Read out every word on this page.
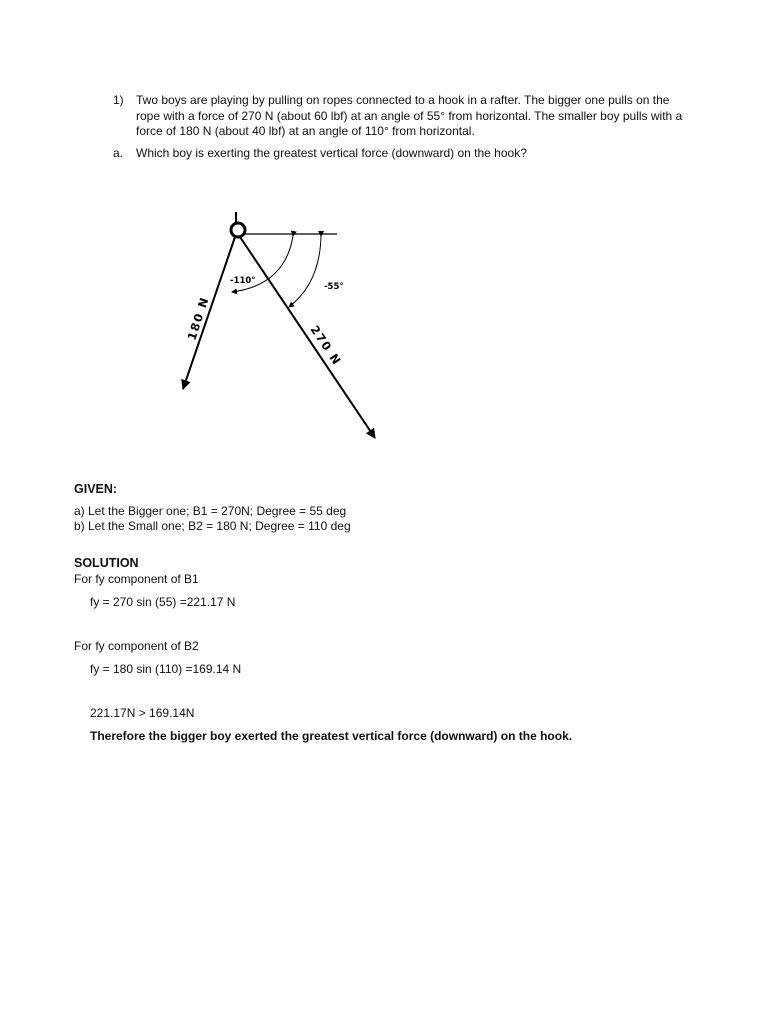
1) Two boys are playing by pulling on ropes connected to a hook in a rafter. The bigger one pulls on the rope with a force of 270 N (about 60 lbf) at an angle of 55° from horizontal. The smaller boy pulls with a force of 180 N (about 40 lbf) at an angle of 110° from horizontal.
a. Which boy is exerting the greatest vertical force (downward) on the hook?
-110°
-55°
180 N
270 N
GIVEN:
a) Let the Bigger one; B1 = 270N; Degree = 55 deg
b) Let the Small one; B2 = 180 N; Degree = 110 deg
SOLUTION
For fy component of B1
fy = 270 sin (55) =221.17 N
For fy component of B2
fy = 180 sin (110) =169.14 N
221.17N > 169.14N
Therefore the bigger boy exerted the greatest vertical force (downward) on the hook.
